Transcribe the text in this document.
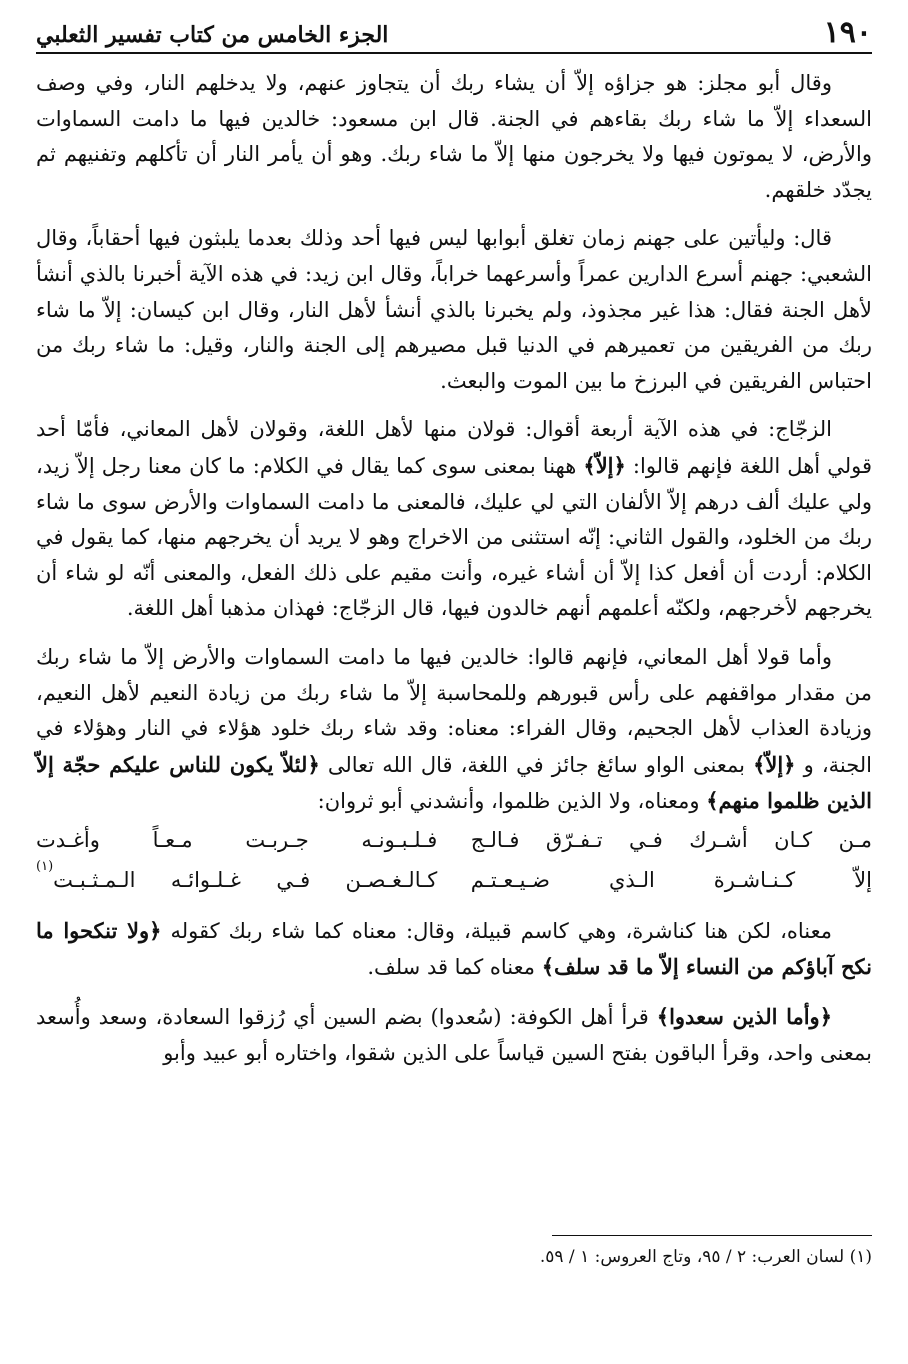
١٩٠
الجزء الخامس من كتاب تفسير الثعلبي

وقال أبو مجلز: هو جزاؤه إلاّ أن يشاء ربك أن يتجاوز عنهم، ولا يدخلهم النار، وفي وصف السعداء إلاّ ما شاء ربك بقاءهم في الجنة. قال ابن مسعود: خالدين فيها ما دامت السماوات والأرض، لا يموتون فيها ولا يخرجون منها إلاّ ما شاء ربك. وهو أن يأمر النار أن تأكلهم وتفنيهم ثم يجدّد خلقهم.

قال: وليأتين على جهنم زمان تغلق أبوابها ليس فيها أحد وذلك بعدما يلبثون فيها أحقاباً، وقال الشعبي: جهنم أسرع الدارين عمراً وأسرعهما خراباً، وقال ابن زيد: في هذه الآية أخبرنا بالذي أنشأ لأهل الجنة فقال: هذا غير مجذوذ، ولم يخبرنا بالذي أنشأ لأهل النار، وقال ابن كيسان: إلاّ ما شاء ربك من الفريقين من تعميرهم في الدنيا قبل مصيرهم إلى الجنة والنار، وقيل: ما شاء ربك من احتباس الفريقين في البرزخ ما بين الموت والبعث.

الزجّاج: في هذه الآية أربعة أقوال: قولان منها لأهل اللغة، وقولان لأهل المعاني، فأمّا أحد قولي أهل اللغة فإنهم قالوا: ﴿إلاّ﴾ ههنا بمعنى سوى كما يقال في الكلام: ما كان معنا رجل إلاّ زيد، ولي عليك ألف درهم إلاّ الألفان التي لي عليك، فالمعنى ما دامت السماوات والأرض سوى ما شاء ربك من الخلود، والقول الثاني: إنّه استثنى من الاخراج وهو لا يريد أن يخرجهم منها، كما يقول في الكلام: أردت أن أفعل كذا إلاّ أن أشاء غيره، وأنت مقيم على ذلك الفعل، والمعنى أنّه لو شاء أن يخرجهم لأخرجهم، ولكنّه أعلمهم أنهم خالدون فيها، قال الزجّاج: فهذان مذهبا أهل اللغة.

وأما قولا أهل المعاني، فإنهم قالوا: خالدين فيها ما دامت السماوات والأرض إلاّ ما شاء ربك من مقدار مواقفهم على رأس قبورهم وللمحاسبة إلاّ ما شاء ربك من زيادة النعيم لأهل النعيم، وزيادة العذاب لأهل الجحيم، وقال الفراء: معناه: وقد شاء ربك خلود هؤلاء في النار وهؤلاء في الجنة، و ﴿إلاّ﴾ بمعنى الواو سائغ جائز في اللغة، قال الله تعالى ﴿لئلاّ يكون للناس عليكم حجّة إلاّ الذين ظلموا منهم﴾ ومعناه، ولا الذين ظلموا، وأنشدني أبو ثروان:

مـن كـان أشـرك فـي تـفـرّق فـالـج
فـلـبـونـه جـربـت مـعـاً وأغـدت
إلاّ كـنـاشـرة الـذي ضـيـعـتـم
كـالـغـصـن فـي غـلـوائـه الـمـثـبـت$^{(١)}$

معناه، لكن هنا كناشرة، وهي كاسم قبيلة، وقال: معناه كما شاء ربك كقوله ﴿ولا تنكحوا ما نكح آباؤكم من النساء إلاّ ما قد سلف﴾ معناه كما قد سلف.

﴿وأما الذين سعدوا﴾ قرأ أهل الكوفة: (سُعدوا) بضم السين أي رُزقوا السعادة، وسعد وأُسعد بمعنى واحد، وقرأ الباقون بفتح السين قياساً على الذين شقوا، واختاره أبو عبيد وأبو

(١) لسان العرب: ٢ / ٩٥، وتاج العروس: ١ / ٥٩.
